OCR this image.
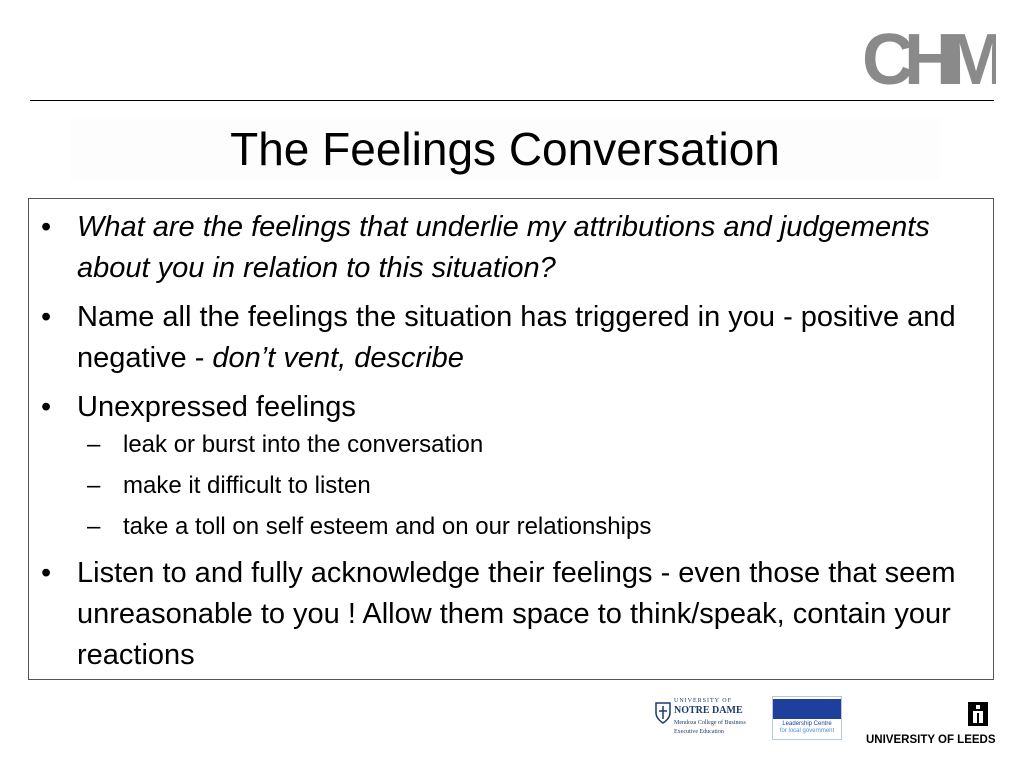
CHM
The Feelings Conversation
• What are the feelings that underlie my attributions and judgements about you in relation to this situation?
• Name all the feelings the situation has triggered in you - positive and negative - don’t vent, describe
• Unexpressed feelings
– leak or burst into the conversation
– make it difficult to listen
– take a toll on self esteem and on our relationships
• Listen to and fully acknowledge their feelings - even those that seem unreasonable to you ! Allow them space to think/speak, contain your reactions
UNIVERSITY OF
NOTRE DAME
Mendoza College of Business
Executive Education
Leadership Centre
for local government
UNIVERSITY OF LEEDS
